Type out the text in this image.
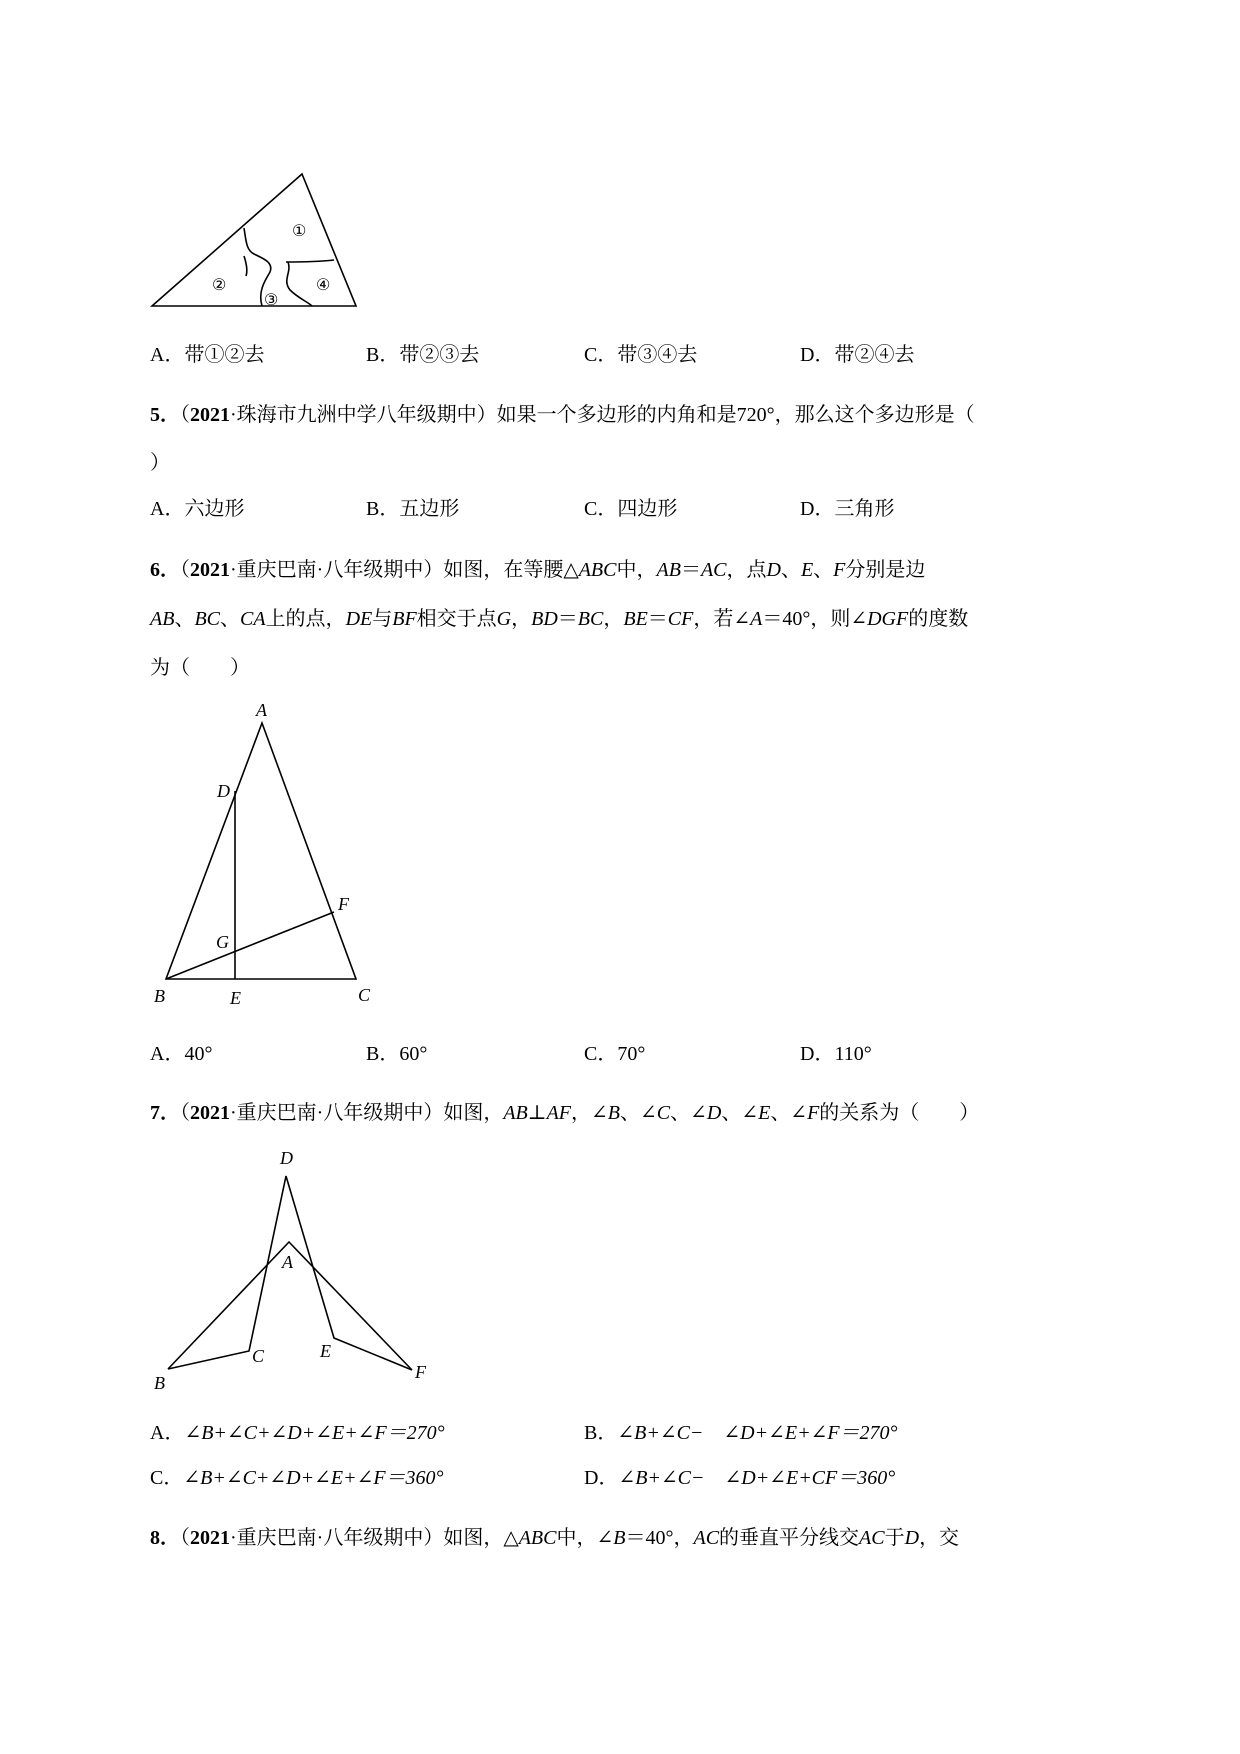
①
②
③
④
A．带①②去	B．带②③去	C．带③④去	D．带②④去
5．（2021·珠海市九洲中学八年级期中）如果一个多边形的内角和是720°，那么这个多边形是（
）
A．六边形	B．五边形	C．四边形	D．三角形
6．（2021·重庆巴南·八年级期中）如图，在等腰△ABC中，AB＝AC，点D、E、F分别是边
AB、BC、CA上的点，DE与BF相交于点G，BD＝BC，BE＝CF，若∠A＝40°，则∠DGF的度数
为（　　）
A
D
F
G
B	E	C
A．40°	B．60°	C．70°	D．110°
7．（2021·重庆巴南·八年级期中）如图，AB⊥AF，∠B、∠C、∠D、∠E、∠F的关系为（　　）
D
A
B
C	E
F
A．∠B+∠C+∠D+∠E+∠F＝270°	B．∠B+∠C−　∠D+∠E+∠F＝270°
C．∠B+∠C+∠D+∠E+∠F＝360°	D．∠B+∠C−　∠D+∠E+CF＝360°
8．（2021·重庆巴南·八年级期中）如图，△ABC中，∠B＝40°，AC的垂直平分线交AC于D，交
